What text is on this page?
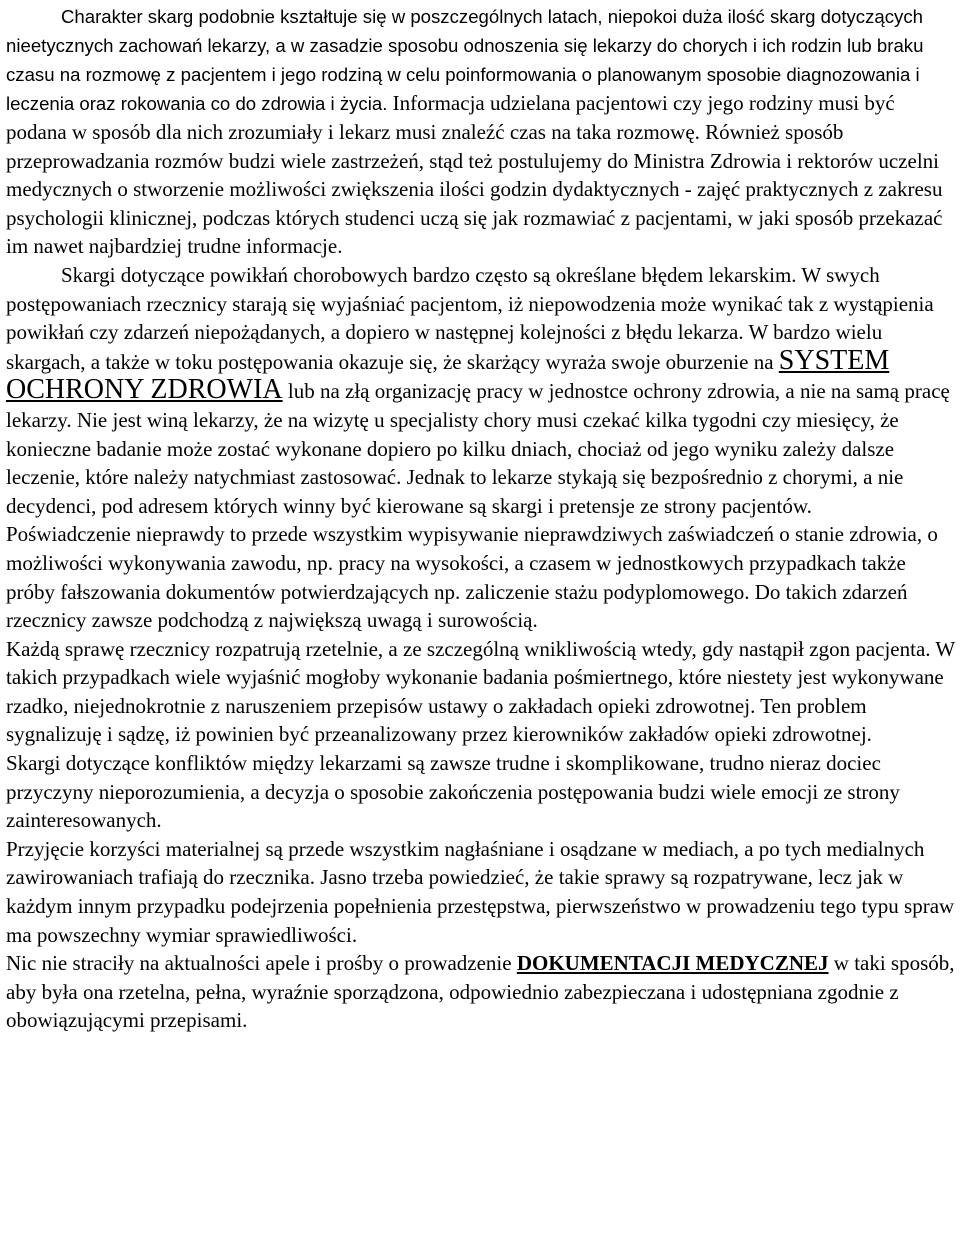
Charakter skarg podobnie kształtuje się w poszczególnych latach, niepokoi duża ilość skarg dotyczących nieetycznych zachowań lekarzy, a w zasadzie sposobu odnoszenia się lekarzy do chorych i ich rodzin lub braku czasu na rozmowę z pacjentem i jego rodziną w celu poinformowania o planowanym sposobie diagnozowania i leczenia oraz rokowania co do zdrowia i życia. Informacja udzielana pacjentowi czy jego rodziny musi być podana w sposób dla nich zrozumiały i lekarz musi znaleźć czas na taka rozmowę. Również sposób przeprowadzania rozmów budzi wiele zastrzeżeń, stąd też postulujemy do Ministra Zdrowia i rektorów uczelni medycznych o stworzenie możliwości zwiększenia ilości godzin dydaktycznych - zajęć praktycznych z zakresu psychologii klinicznej, podczas których studenci uczą się jak rozmawiać z pacjentami, w jaki sposób przekazać im nawet najbardziej trudne informacje.

Skargi dotyczące powikłań chorobowych bardzo często są określane błędem lekarskim. W swych postępowaniach rzecznicy starają się wyjaśniać pacjentom, iż niepowodzenia może wynikać tak z wystąpienia powikłań czy zdarzeń niepożądanych, a dopiero w następnej kolejności z błędu lekarza. W bardzo wielu skargach, a także w toku postępowania okazuje się, że skarżący wyraża swoje oburzenie na SYSTEM OCHRONY ZDROWIA lub na złą organizację pracy w jednostce ochrony zdrowia, a nie na samą pracę lekarzy. Nie jest winą lekarzy, że na wizytę u specjalisty chory musi czekać kilka tygodni czy miesięcy, że konieczne badanie może zostać wykonane dopiero po kilku dniach, chociaż od jego wyniku zależy dalsze leczenie, które należy natychmiast zastosować. Jednak to lekarze stykają się bezpośrednio z chorymi, a nie decydenci, pod adresem których winny być kierowane są skargi i pretensje ze strony pacjentów.

Poświadczenie nieprawdy to przede wszystkim wypisywanie nieprawdziwych zaświadczeń o stanie zdrowia, o możliwości wykonywania zawodu, np. pracy na wysokości, a czasem w jednostkowych przypadkach także próby fałszowania dokumentów potwierdzających np. zaliczenie stażu podyplomowego. Do takich zdarzeń rzecznicy zawsze podchodzą z największą uwagą i surowością.

Każdą sprawę rzecznicy rozpatrują rzetelnie, a ze szczególną wnikliwością wtedy, gdy nastąpił zgon pacjenta. W takich przypadkach wiele wyjaśnić mogłoby wykonanie badania pośmiertnego, które niestety jest wykonywane rzadko, niejednokrotnie z naruszeniem przepisów ustawy o zakładach opieki zdrowotnej. Ten problem sygnalizuję i sądzę, iż powinien być przeanalizowany przez kierowników zakładów opieki zdrowotnej.

Skargi dotyczące konfliktów między lekarzami są zawsze trudne i skomplikowane, trudno nieraz dociec przyczyny nieporozumienia, a decyzja o sposobie zakończenia postępowania budzi wiele emocji ze strony zainteresowanych.

Przyjęcie korzyści materialnej są przede wszystkim nagłaśniane i osądzane w mediach, a po tych medialnych zawirowaniach trafiają do rzecznika. Jasno trzeba powiedzieć, że takie sprawy są rozpatrywane, lecz jak w każdym innym przypadku podejrzenia popełnienia przestępstwa, pierwszeństwo w prowadzeniu tego typu spraw ma powszechny wymiar sprawiedliwości.

Nic nie straciły na aktualności apele i prośby o prowadzenie DOKUMENTACJI MEDYCZNEJ w taki sposób, aby była ona rzetelna, pełna, wyraźnie sporządzona, odpowiednio zabezpieczana i udostępniana zgodnie z obowiązującymi przepisami.
